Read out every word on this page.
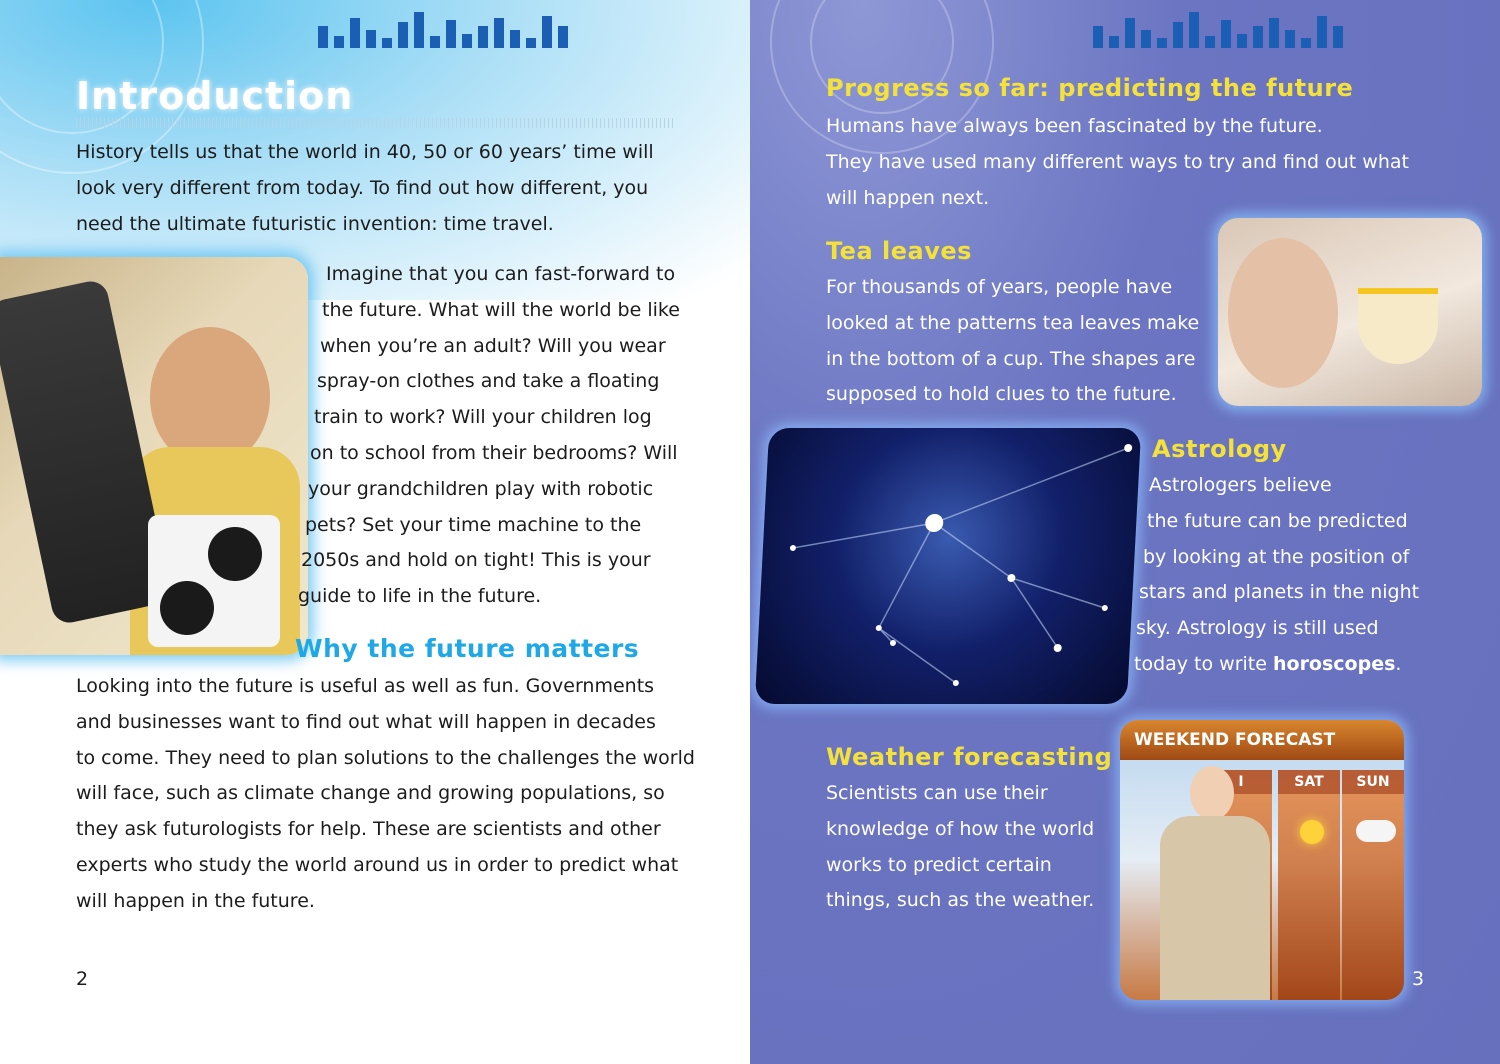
Introduction
History tells us that the world in 40, 50 or 60 years’ time will
look very different from today. To find out how different, you
need the ultimate futuristic invention: time travel.
Imagine that you can fast-forward to
the future. What will the world be like
when you’re an adult? Will you wear
spray-on clothes and take a floating
train to work? Will your children log
on to school from their bedrooms? Will
your grandchildren play with robotic
pets? Set your time machine to the
2050s and hold on tight! This is your
guide to life in the future.
Why the future matters
Looking into the future is useful as well as fun. Governments
and businesses want to find out what will happen in decades
to come. They need to plan solutions to the challenges the world
will face, such as climate change and growing populations, so
they ask futurologists for help. These are scientists and other
experts who study the world around us in order to predict what
will happen in the future.
2
Progress so far: predicting the future
Humans have always been fascinated by the future.
They have used many different ways to try and find out what
will happen next.
Tea leaves
For thousands of years, people have
looked at the patterns tea leaves make
in the bottom of a cup. The shapes are
supposed to hold clues to the future.
Astrology
Astrologers believe
the future can be predicted
by looking at the position of
stars and planets in the night
sky. Astrology is still used
today to write horoscopes.
Weather forecasting
Scientists can use their
knowledge of how the world
works to predict certain
things, such as the weather.
WEEKEND FORECAST
I	SAT	SUN
3
